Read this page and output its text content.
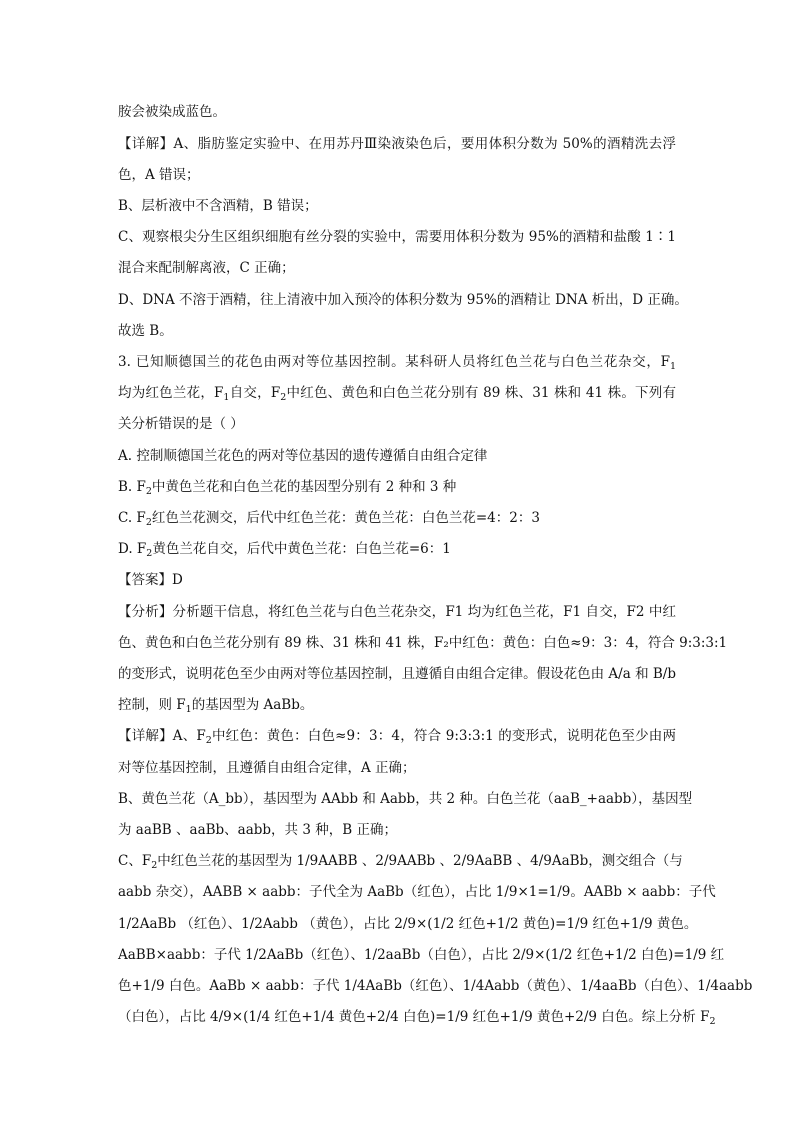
胺会被染成蓝色。
【详解】A、脂肪鉴定实验中、在用苏丹Ⅲ染液染色后，要用体积分数为 50%的酒精洗去浮
色，A 错误；
B、层析液中不含酒精，B 错误；
C、观察根尖分生区组织细胞有丝分裂的实验中，需要用体积分数为 95%的酒精和盐酸 1∶1
混合来配制解离液，C 正确；
D、DNA 不溶于酒精，往上清液中加入预冷的体积分数为 95%的酒精让 DNA 析出，D 正确。
故选 B。
3. 已知顺德国兰的花色由两对等位基因控制。某科研人员将红色兰花与白色兰花杂交，$F_1$
均为红色兰花，$F_1$自交，$F_2$中红色、黄色和白色兰花分别有 89 株、31 株和 41 株。下列有
关分析错误的是（ ）
A. 控制顺德国兰花色的两对等位基因的遗传遵循自由组合定律
B. $F_2$中黄色兰花和白色兰花的基因型分别有 2 种和 3 种
C. $F_2$红色兰花测交，后代中红色兰花：黄色兰花：白色兰花=4：2：3
D. $F_2$黄色兰花自交，后代中黄色兰花：白色兰花=6：1
【答案】D
【分析】分析题干信息，将红色兰花与白色兰花杂交，F1 均为红色兰花，F1 自交，F2 中红
色、黄色和白色兰花分别有 89 株、31 株和 41 株，F₂中红色：黄色：白色≈9：3：4，符合 9:3:3:1
的变形式，说明花色至少由两对等位基因控制，且遵循自由组合定律。假设花色由 A/a 和 B/b
控制，则 $F_1$的基因型为 AaBb。
【详解】A、$F_2$中红色：黄色：白色≈9：3：4，符合 9:3:3:1 的变形式，说明花色至少由两
对等位基因控制，且遵循自由组合定律，A 正确；
B、黄色兰花（A_bb），基因型为 AAbb 和 Aabb，共 2 种。白色兰花（aaB_+aabb），基因型
为 aaBB 、aaBb、aabb，共 3 种，B 正确；
C、$F_2$中红色兰花的基因型为 1/9AABB 、2/9AABb 、2/9AaBB 、4/9AaBb，测交组合（与
aabb 杂交），AABB × aabb：子代全为 AaBb（红色），占比 1/9×1=1/9。AABb × aabb：子代
1/2AaBb （红色）、1/2Aabb （黄色），占比 2/9×(1/2 红色+1/2 黄色)=1/9 红色+1/9 黄色。
AaBB×aabb：子代 1/2AaBb（红色）、1/2aaBb（白色），占比 2/9×(1/2 红色+1/2 白色)=1/9 红
色+1/9 白色。AaBb × aabb：子代 1/4AaBb（红色）、1/4Aabb（黄色）、1/4aaBb（白色）、1/4aabb
（白色），占比 4/9×(1/4 红色+1/4 黄色+2/4 白色)=1/9 红色+1/9 黄色+2/9 白色。综上分析 $F_2$
